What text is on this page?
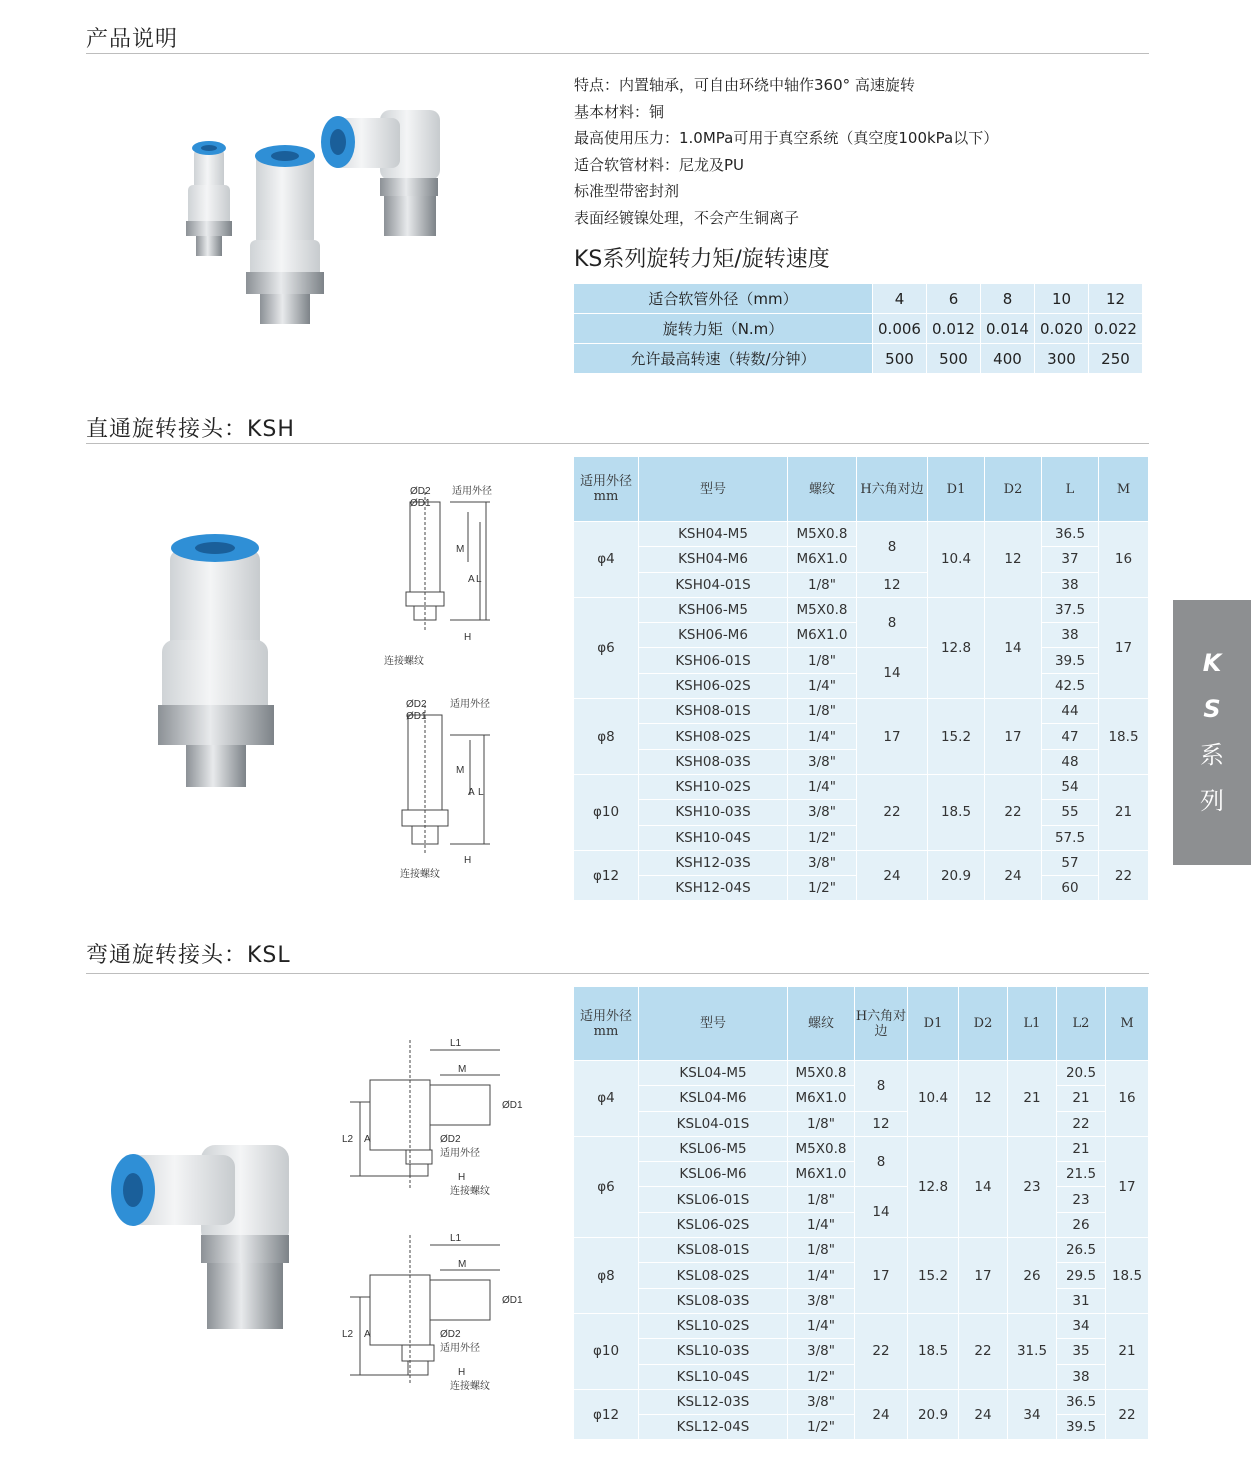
产品说明
特点：内置轴承，可自由环绕中轴作360° 高速旋转
基本材料：铜
最高使用压力：1.0MPa可用于真空系统（真空度100kPa以下）
适合软管材料：尼龙及PU
标准型带密封剂
表面经镀镍处理，不会产生铜离子
KS系列旋转力矩/旋转速度
适合软管外径（mm）	4	6	8	10	12
旋转力矩（N.m）	0.006	0.012	0.014	0.020	0.022
允许最高转速（转数/分钟）	500	500	400	300	250
直通旋转接头：KSH
ØD2
ØD1
适用外径
M
A L
H
连接螺纹
ØD2
ØD1
适用外径
M
A L
H
连接螺纹
适用外径mm	型号	螺纹	H六角对边	D1	D2	L	M
φ4	KSH04-M5	M5X0.8	8	10.4	12	36.5	16
	KSH04-M6	M6X1.0				37	
	KSH04-01S	1/8"	12			38	
φ6	KSH06-M5	M5X0.8	8	12.8	14	37.5	17
	KSH06-M6	M6X1.0				38	
	KSH06-01S	1/8"	14			39.5	
	KSH06-02S	1/4"				42.5	
φ8	KSH08-01S	1/8"	17	15.2	17	44	18.5
	KSH08-02S	1/4"				47	
	KSH08-03S	3/8"				48	
φ10	KSH10-02S	1/4"	22	18.5	22	54	21
	KSH10-03S	3/8"				55	
	KSH10-04S	1/2"				57.5	
φ12	KSH12-03S	3/8"	24	20.9	24	57	22
	KSH12-04S	1/2"				60	
弯通旋转接头：KSL
L1
M
ØD1
ØD2
适用外径
L2 A
H
连接螺纹
L1
M
ØD1
ØD2
适用外径
L2 A
H
连接螺纹
适用外径mm	型号	螺纹	H六角对边	D1	D2	L1	L2	M
φ4	KSL04-M5	M5X0.8	8	10.4	12	21	20.5	16
	KSL04-M6	M6X1.0					21	
	KSL04-01S	1/8"	12				22	
φ6	KSL06-M5	M5X0.8	8	12.8	14	23	21	17
	KSL06-M6	M6X1.0					21.5	
	KSL06-01S	1/8"	14				23	
	KSL06-02S	1/4"					26	
φ8	KSL08-01S	1/8"	17	15.2	17	26	26.5	18.5
	KSL08-02S	1/4"					29.5	
	KSL08-03S	3/8"					31	
φ10	KSL10-02S	1/4"	22	18.5	22	31.5	34	21
	KSL10-03S	3/8"					35	
	KSL10-04S	1/2"					38	
φ12	KSL12-03S	3/8"	24	20.9	24	34	36.5	22
	KSL12-04S	1/2"					39.5	
K
S
系
列
